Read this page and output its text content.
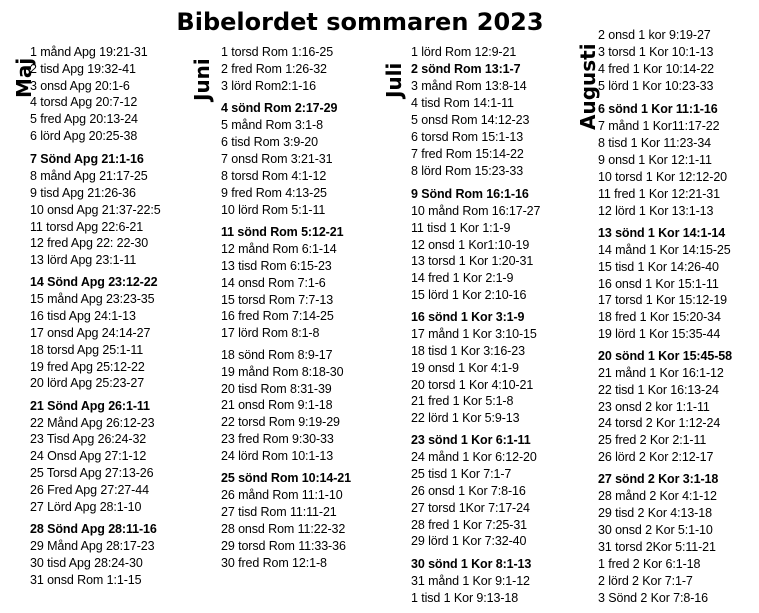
Bibelordet sommaren 2023
Maj	Juni	Juli	Augusti
1 månd Apg 19:21-31
2 tisd Apg 19:32-41
3 onsd Apg 20:1-6
4 torsd Apg 20:7-12
5 fred Apg 20:13-24
6 lörd Apg 20:25-38
7 Sönd Apg 21:1-16
8 månd Apg 21:17-25
9 tisd Apg 21:26-36
10 onsd Apg 21:37-22:5
11 torsd Apg 22:6-21
12 fred Apg 22: 22-30
13 lörd Apg 23:1-11
14 Sönd Apg 23:12-22
15 månd Apg 23:23-35
16 tisd Apg 24:1-13
17 onsd Apg 24:14-27
18 torsd Apg 25:1-11
19 fred Apg 25:12-22
20 lörd Apg 25:23-27
21 Sönd Apg 26:1-11
22 Månd Apg 26:12-23
23 Tisd Apg 26:24-32
24 Onsd Apg 27:1-12
25 Torsd Apg 27:13-26
26 Fred Apg 27:27-44
27 Lörd Apg 28:1-10
28 Sönd Apg 28:11-16
29 Månd Apg 28:17-23
30 tisd Apg 28:24-30
31 onsd Rom 1:1-15
1 torsd Rom 1:16-25
2 fred Rom 1:26-32
3 lörd Rom2:1-16
4 sönd Rom 2:17-29
5 månd Rom 3:1-8
6 tisd Rom 3:9-20
7 onsd Rom 3:21-31
8 torsd Rom 4:1-12
9 fred Rom 4:13-25
10 lörd Rom 5:1-11
11 sönd Rom 5:12-21
12 månd Rom 6:1-14
13 tisd Rom 6:15-23
14 onsd Rom 7:1-6
15 torsd Rom 7:7-13
16 fred Rom 7:14-25
17 lörd Rom 8:1-8
18 sönd Rom 8:9-17
19 månd Rom 8:18-30
20 tisd Rom 8:31-39
21 onsd Rom 9:1-18
22 torsd Rom 9:19-29
23 fred Rom 9:30-33
24 lörd Rom 10:1-13
25 sönd Rom 10:14-21
26 månd Rom 11:1-10
27 tisd Rom 11:11-21
28 onsd Rom 11:22-32
29 torsd Rom 11:33-36
30 fred Rom 12:1-8
1 lörd Rom 12:9-21
2 sönd Rom 13:1-7
3 månd Rom 13:8-14
4 tisd Rom 14:1-11
5 onsd Rom 14:12-23
6 torsd Rom 15:1-13
7 fred Rom 15:14-22
8 lörd Rom 15:23-33
9 Sönd Rom 16:1-16
10 månd Rom 16:17-27
11 tisd 1 Kor 1:1-9
12 onsd 1 Kor1:10-19
13 torsd 1 Kor 1:20-31
14 fred 1 Kor 2:1-9
15 lörd 1 Kor 2:10-16
16 sönd 1 Kor 3:1-9
17 månd 1 Kor 3:10-15
18 tisd 1 Kor 3:16-23
19 onsd 1 Kor 4:1-9
20 torsd 1 Kor 4:10-21
21 fred 1 Kor 5:1-8
22 lörd 1 Kor 5:9-13
23 sönd 1 Kor 6:1-11
24 månd 1 Kor 6:12-20
25 tisd 1 Kor 7:1-7
26 onsd 1 Kor 7:8-16
27 torsd 1Kor 7:17-24
28 fred 1 Kor 7:25-31
29 lörd 1 Kor 7:32-40
30 sönd 1 Kor 8:1-13
31 månd 1 Kor 9:1-12
1 tisd 1 Kor 9:13-18
2 onsd 1 kor 9:19-27
3 torsd 1 Kor 10:1-13
4 fred 1 Kor 10:14-22
5 lörd 1 Kor 10:23-33
6 sönd 1 Kor 11:1-16
7 månd 1 Kor11:17-22
8 tisd 1 Kor 11:23-34
9 onsd 1 Kor 12:1-11
10 torsd 1 Kor 12:12-20
11 fred 1 Kor 12:21-31
12 lörd 1 Kor 13:1-13
13 sönd 1 Kor 14:1-14
14 månd 1 Kor 14:15-25
15 tisd 1 Kor 14:26-40
16 onsd 1 Kor 15:1-11
17 torsd 1 Kor 15:12-19
18 fred 1 Kor 15:20-34
19 lörd 1 Kor 15:35-44
20 sönd 1 Kor 15:45-58
21 månd 1 Kor 16:1-12
22 tisd 1 Kor 16:13-24
23 onsd 2 kor 1:1-11
24 torsd 2 Kor 1:12-24
25 fred 2 Kor 2:1-11
26 lörd 2 Kor 2:12-17
27 sönd 2 Kor 3:1-18
28 månd 2 Kor 4:1-12
29 tisd 2 Kor 4:13-18
30 onsd 2 Kor 5:1-10
31 torsd 2Kor 5:11-21
1 fred 2 Kor 6:1-18
2 lörd 2 Kor 7:1-7
3 Sönd 2 Kor 7:8-16
